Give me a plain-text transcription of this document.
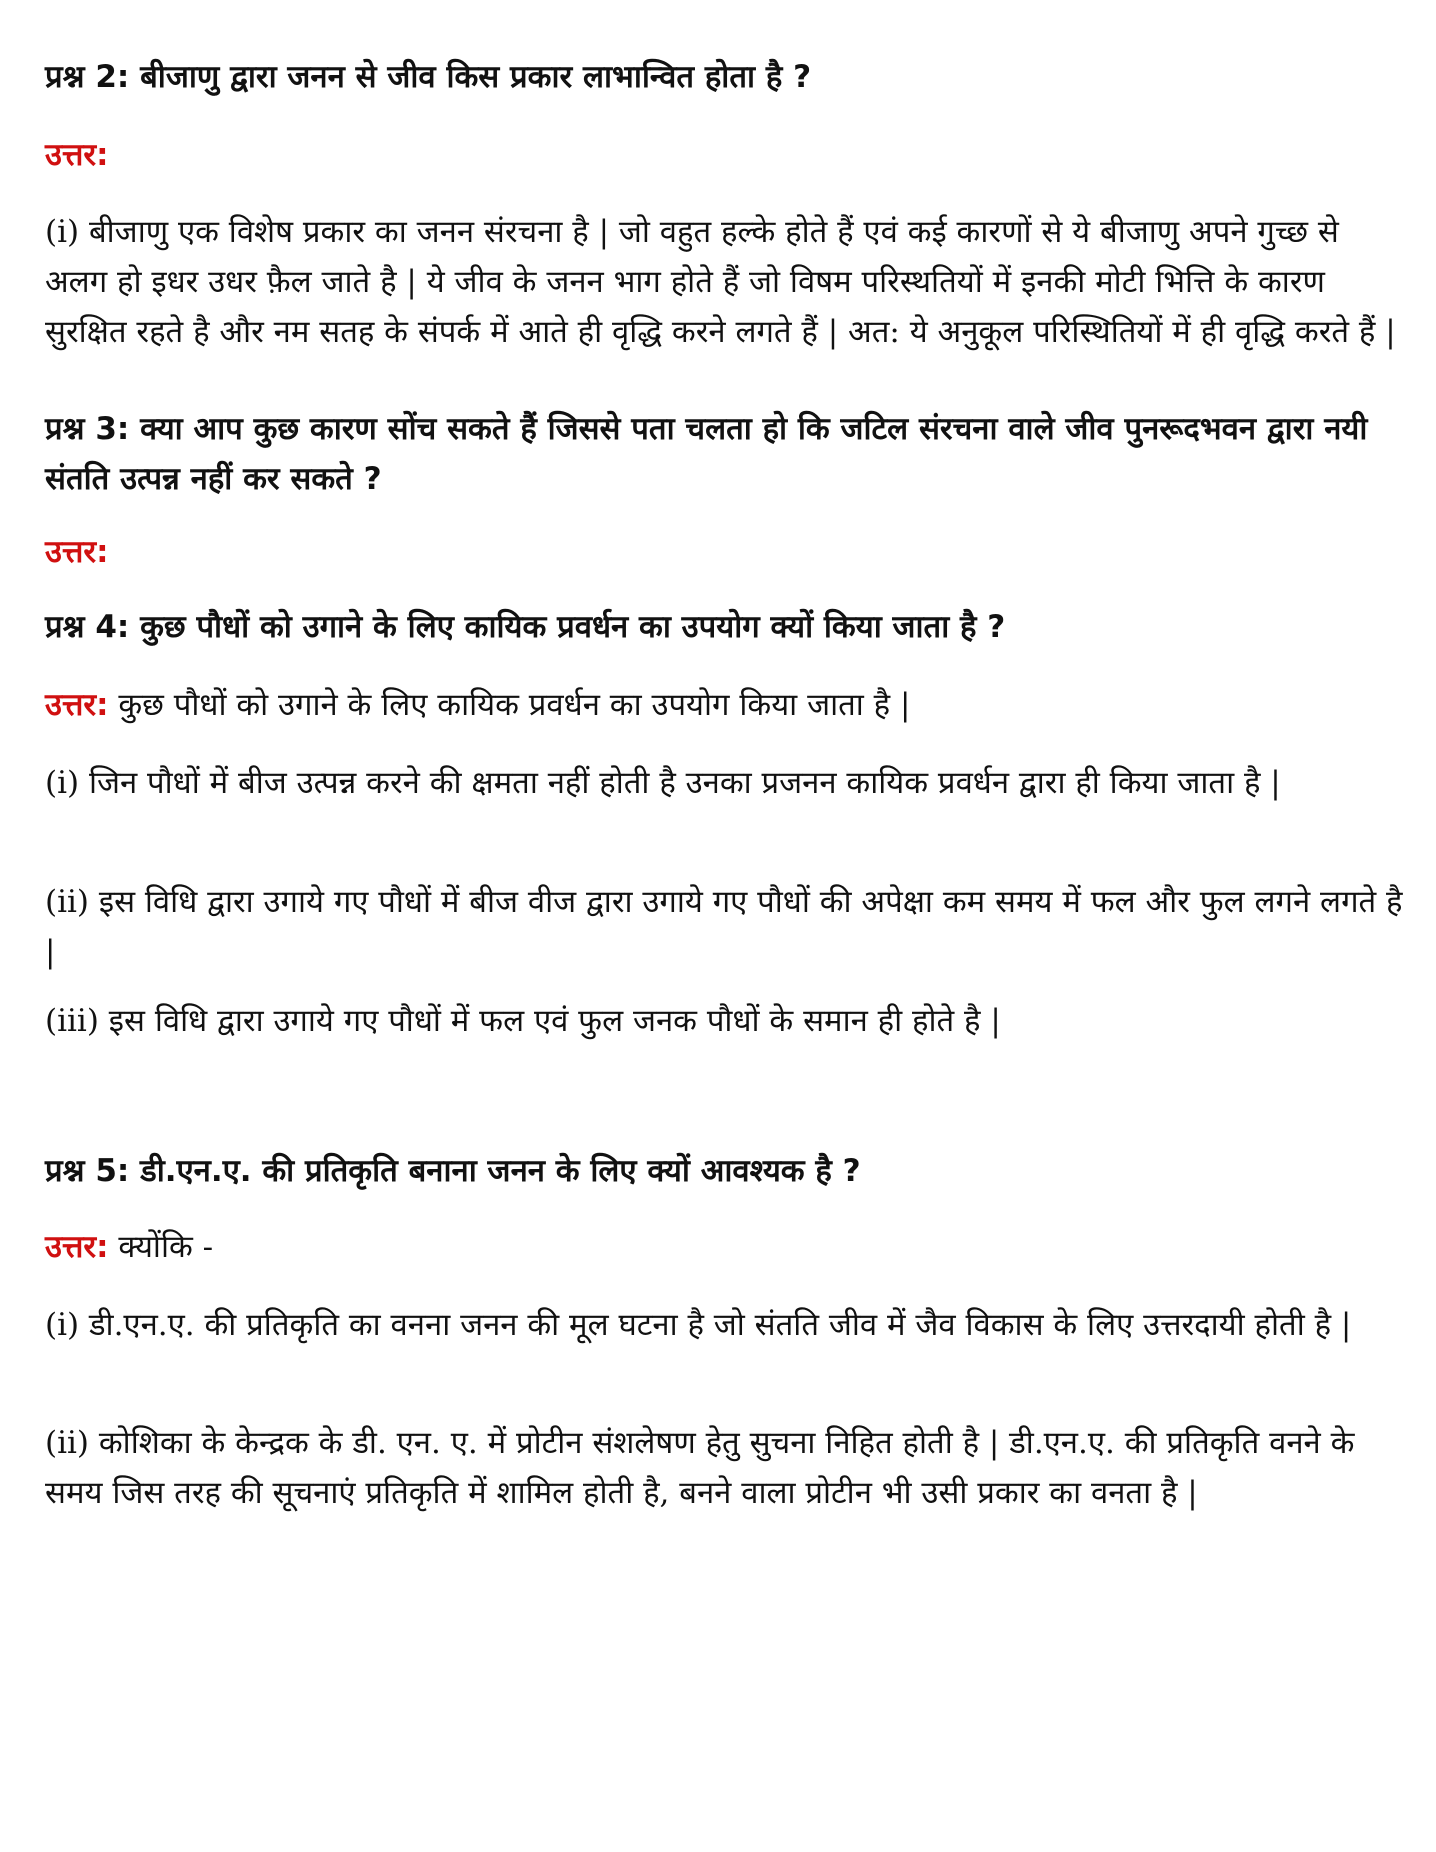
प्रश्न 2: बीजाणु द्वारा जनन से जीव किस प्रकार लाभान्वित होता है ?
उत्तर:
(i) बीजाणु एक विशेष प्रकार का जनन संरचना है | जो वहुत हल्के होते हैं एवं कई कारणों से ये बीजाणु अपने गुच्छ से अलग हो इधर उधर फ़ैल जाते है | ये जीव के जनन भाग होते हैं जो विषम परिस्थतियों में इनकी मोटी भित्ति के कारण सुरक्षित रहते है और नम सतह के संपर्क में आते ही वृद्धि करने लगते हैं | अत: ये अनुकूल परिस्थितियों में ही वृद्धि करते हैं |
प्रश्न 3: क्या आप कुछ कारण सोंच सकते हैं जिससे पता चलता हो कि जटिल संरचना वाले जीव पुनरूदभवन द्वारा नयी संतति उत्पन्न नहीं कर सकते ?
उत्तर:
प्रश्न 4: कुछ पौधों को उगाने के लिए कायिक प्रवर्धन का उपयोग क्यों किया जाता है ?
उत्तर: कुछ पौधों को उगाने के लिए कायिक प्रवर्धन का उपयोग किया जाता है |
(i) जिन पौधों में बीज उत्पन्न करने की क्षमता नहीं होती है उनका प्रजनन कायिक प्रवर्धन द्वारा ही किया जाता है |
(ii) इस विधि द्वारा उगाये गए पौधों में बीज वीज द्वारा उगाये गए पौधों की अपेक्षा कम समय में फल और फुल लगने लगते है |
(iii) इस विधि द्वारा उगाये गए पौधों में फल एवं फुल जनक पौधों के समान ही होते है |
प्रश्न 5: डी.एन.ए. की प्रतिकृति बनाना जनन के लिए क्यों आवश्यक है ?
उत्तर: क्योंकि -
(i) डी.एन.ए. की प्रतिकृति का वनना जनन की मूल घटना है जो संतति जीव में जैव विकास के लिए उत्तरदायी होती है |
(ii) कोशिका के केन्द्रक के डी. एन. ए. में प्रोटीन संशलेषण हेतु सुचना निहित होती है | डी.एन.ए. की प्रतिकृति वनने के समय जिस तरह की सूचनाएं प्रतिकृति में शामिल होती है, बनने वाला प्रोटीन भी उसी प्रकार का वनता है |
